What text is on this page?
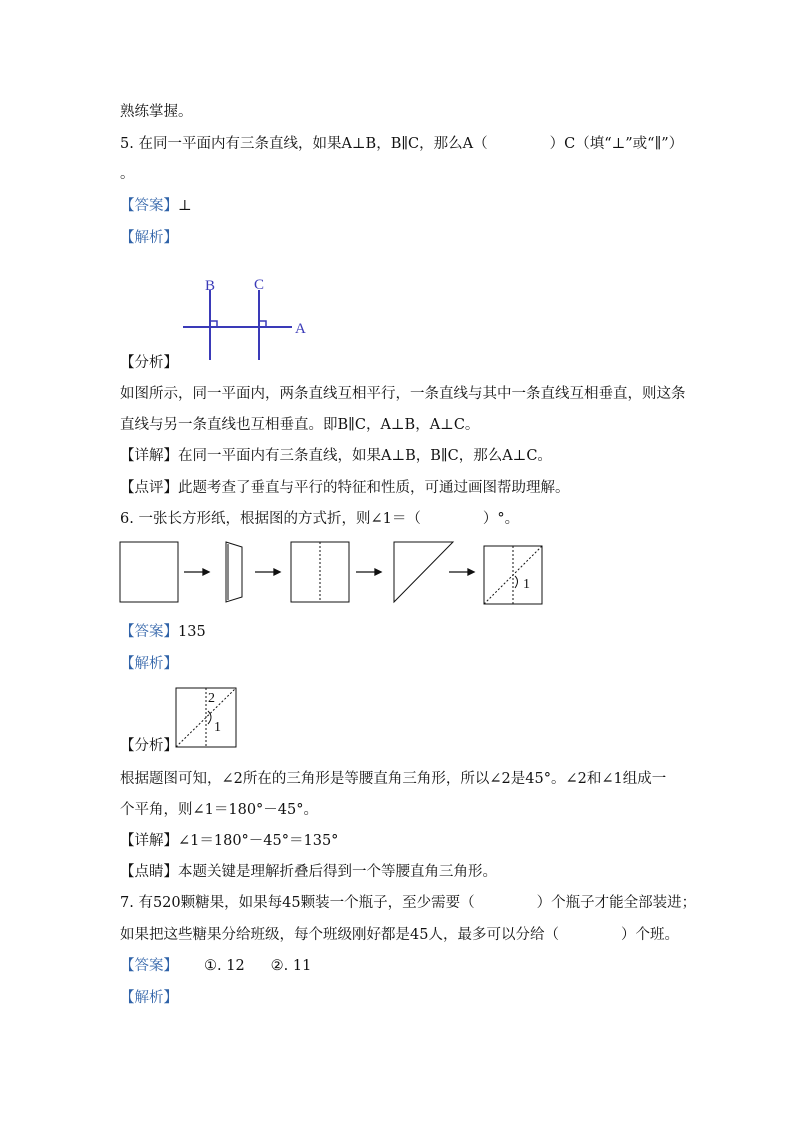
熟练掌握。
5. 在同一平面内有三条直线，如果A⊥B，B∥C，那么A（	）C（填“⊥”或“∥”）
。
【答案】⊥
【解析】
B	C
A
【分析】
如图所示，同一平面内，两条直线互相平行，一条直线与其中一条直线互相垂直，则这条
直线与另一条直线也互相垂直。即B∥C，A⊥B，A⊥C。
【详解】在同一平面内有三条直线，如果A⊥B，B∥C，那么A⊥C。
【点评】此题考查了垂直与平行的特征和性质，可通过画图帮助理解。
6. 一张长方形纸，根据图的方式折，则∠1＝（	）°。
1
【答案】135
【解析】
2
1
【分析】
根据题图可知，∠2所在的三角形是等腰直角三角形，所以∠2是45°。∠2和∠1组成一
个平角，则∠1＝180°－45°。
【详解】∠1＝180°－45°＝135°
【点睛】本题关键是理解折叠后得到一个等腰直角三角形。
7. 有520颗糖果，如果每45颗装一个瓶子，至少需要（	）个瓶子才能全部装进；
如果把这些糖果分给班级，每个班级刚好都是45人，最多可以分给（	）个班。
【答案】 ①. 12 ②. 11
【解析】
